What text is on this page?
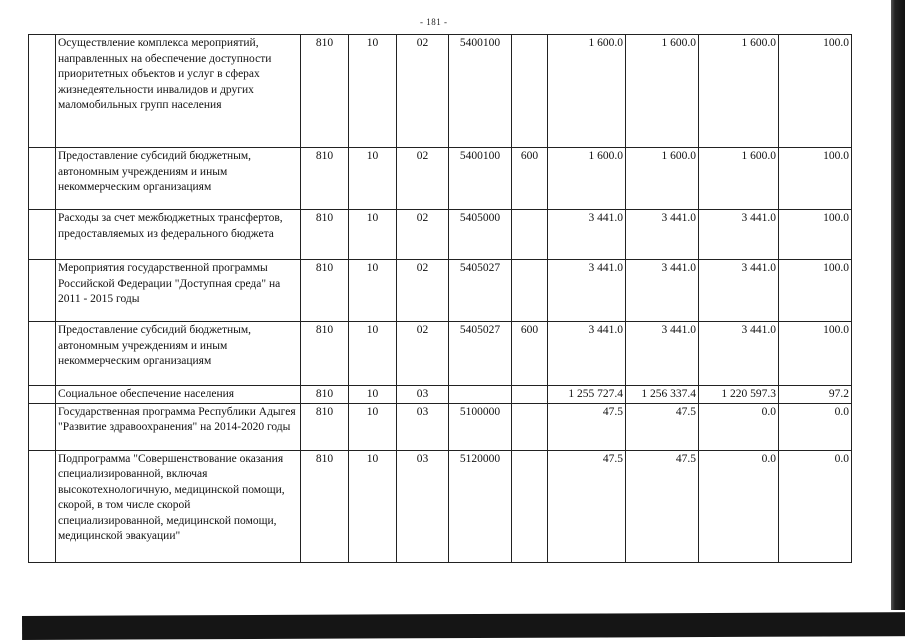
- 181 -
	Осуществление комплекса мероприятий, направленных на обеспечение доступности приоритетных объектов и услуг в сферах жизнедеятельности инвалидов и других маломобильных групп населения	810	10	02	5400100		1 600.0	1 600.0	1 600.0	100.0
	Предоставление субсидий бюджетным, автономным учреждениям и иным некоммерческим организациям	810	10	02	5400100	600	1 600.0	1 600.0	1 600.0	100.0
	Расходы за счет межбюджетных трансфертов, предоставляемых из федерального бюджета	810	10	02	5405000		3 441.0	3 441.0	3 441.0	100.0
	Мероприятия государственной программы Российской Федерации "Доступная среда" на 2011 - 2015 годы	810	10	02	5405027		3 441.0	3 441.0	3 441.0	100.0
	Предоставление субсидий бюджетным, автономным учреждениям и иным некоммерческим организациям	810	10	02	5405027	600	3 441.0	3 441.0	3 441.0	100.0
	Социальное обеспечение населения	810	10	03			1 255 727.4	1 256 337.4	1 220 597.3	97.2
	Государственная программа Республики Адыгея "Развитие здравоохранения" на 2014-2020 годы	810	10	03	5100000		47.5	47.5	0.0	0.0
	Подпрограмма "Совершенствование оказания специализированной, включая высокотехнологичную, медицинской помощи, скорой, в том числе скорой специализированной, медицинской помощи, медицинской эвакуации"	810	10	03	5120000		47.5	47.5	0.0	0.0
